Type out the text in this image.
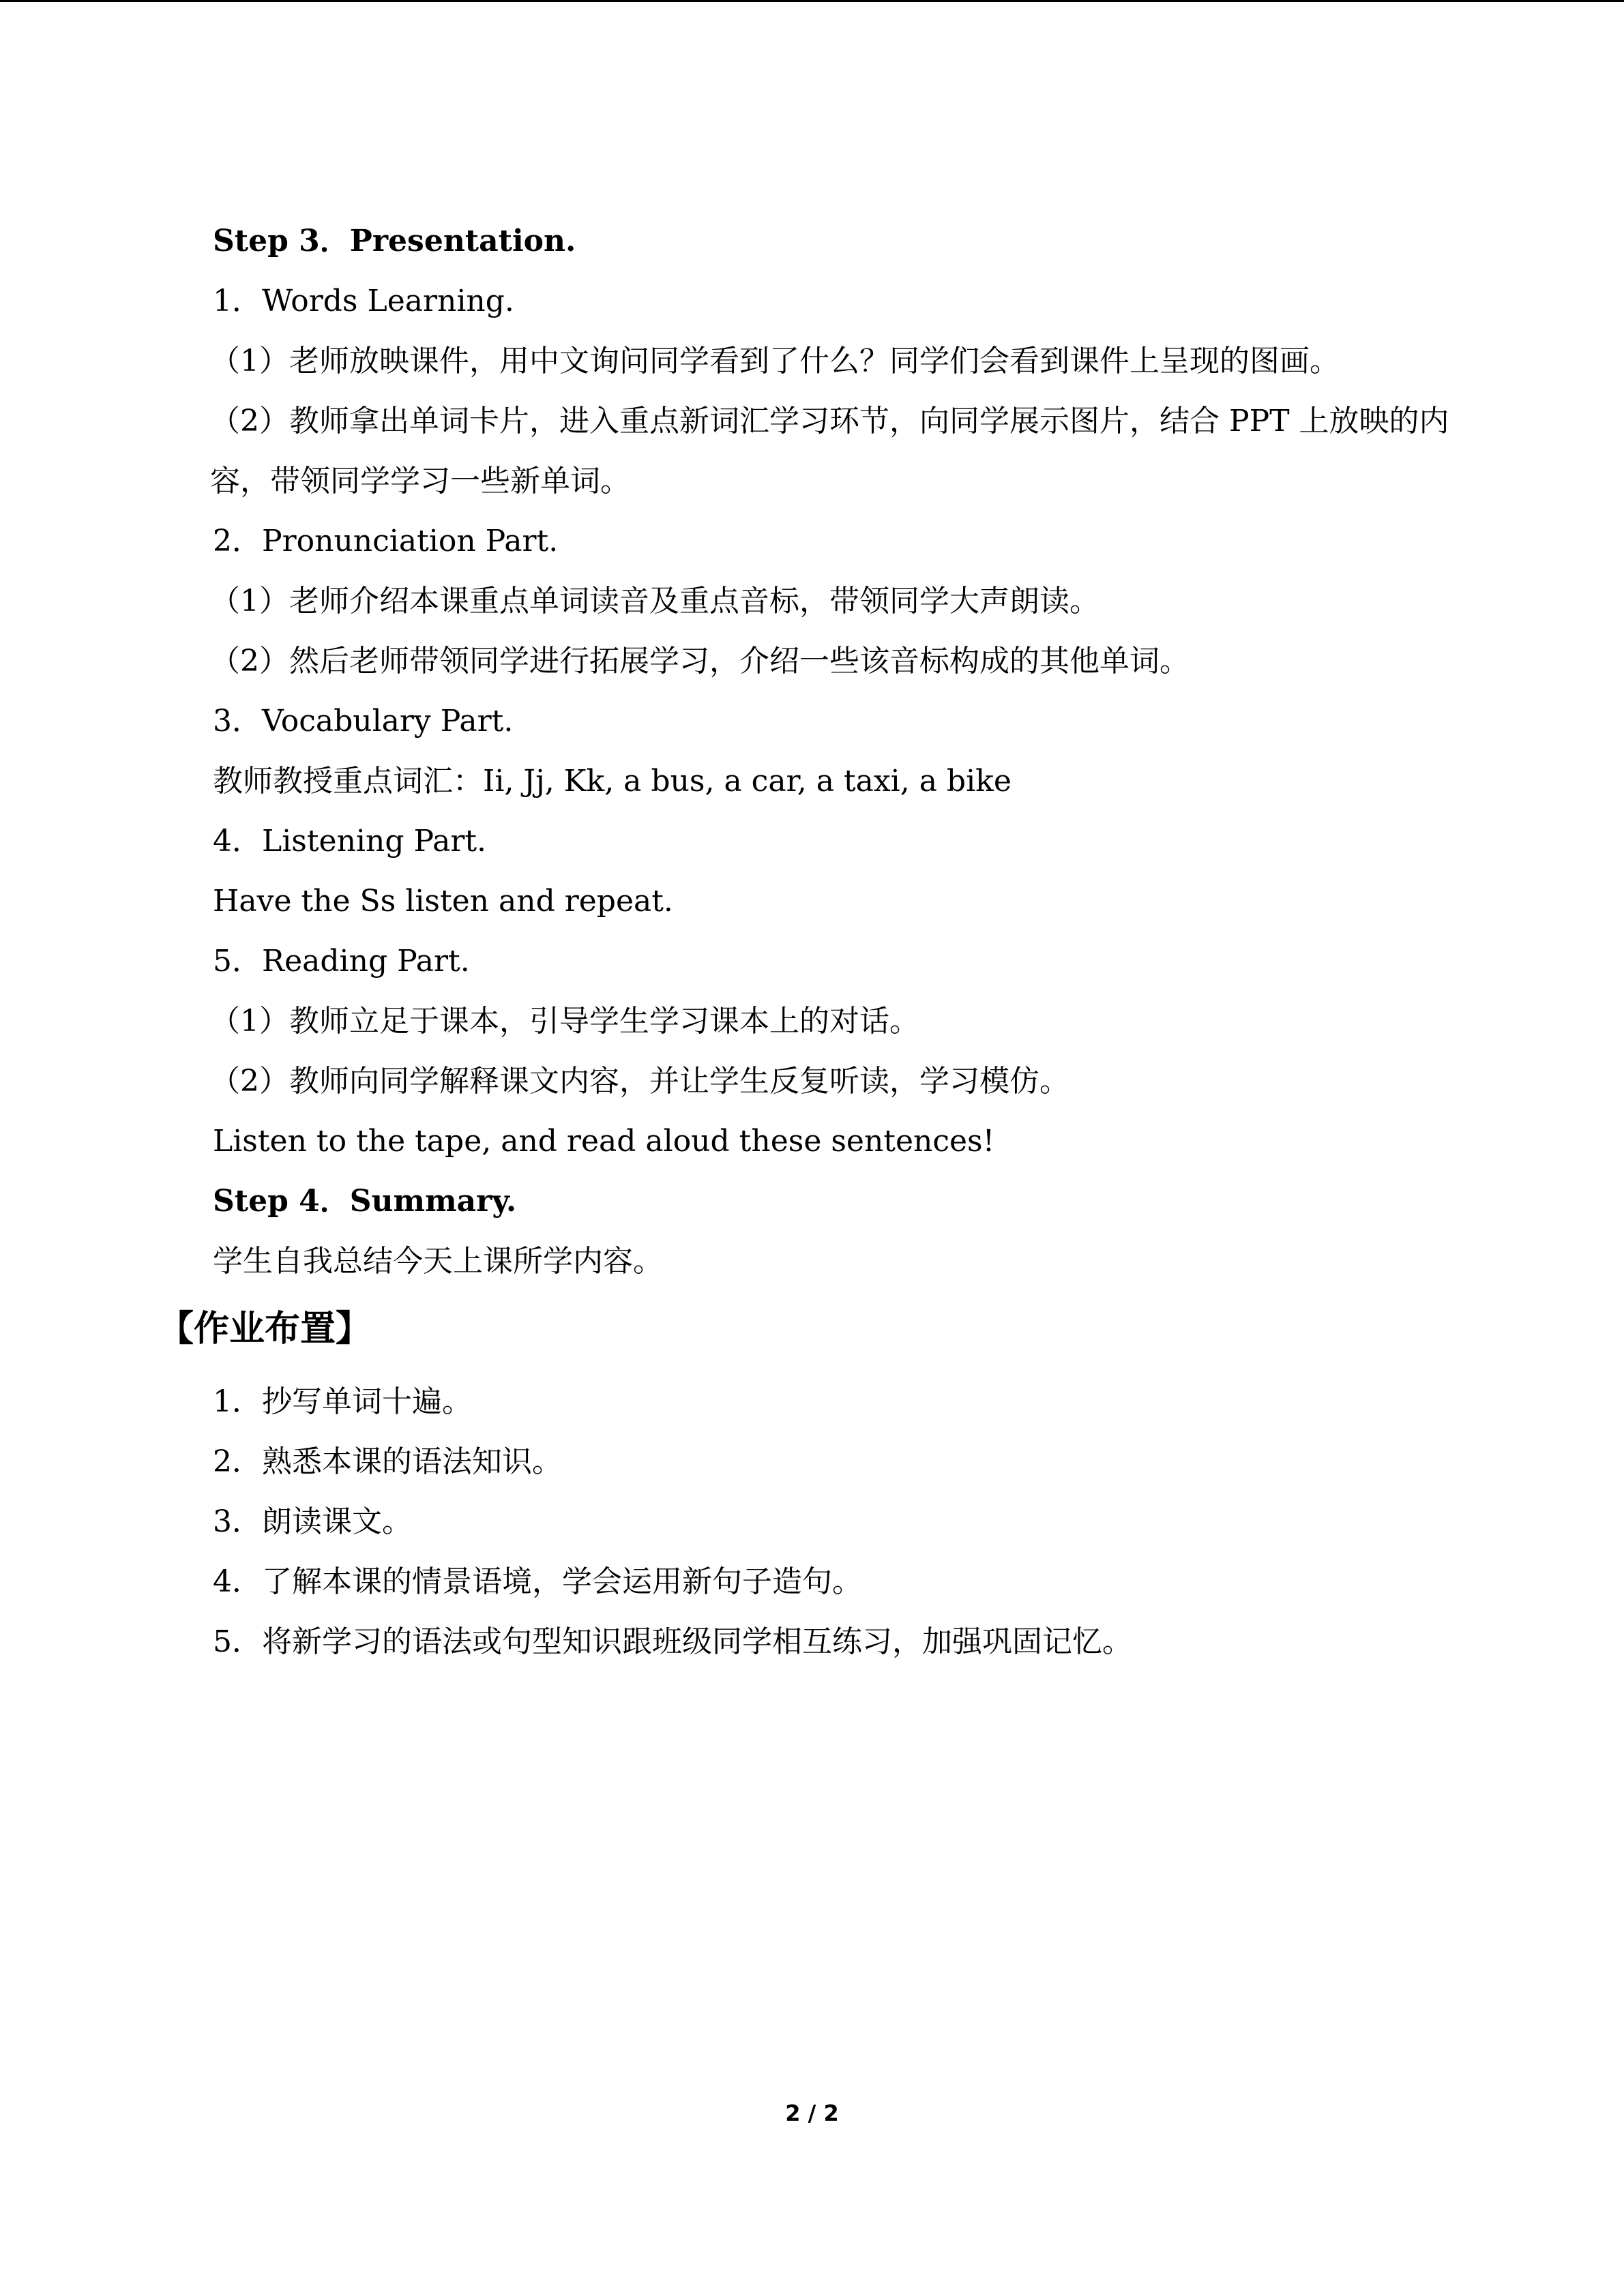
Step 3．Presentation.

1．Words Learning.

（1）老师放映课件，用中文询问同学看到了什么？同学们会看到课件上呈现的图画。

（2）教师拿出单词卡片，进入重点新词汇学习环节，向同学展示图片，结合 PPT 上放映的内容，带领同学学习一些新单词。

2．Pronunciation Part.

（1）老师介绍本课重点单词读音及重点音标，带领同学大声朗读。

（2）然后老师带领同学进行拓展学习，介绍一些该音标构成的其他单词。

3．Vocabulary Part.

教师教授重点词汇：Ii, Jj, Kk, a bus, a car, a taxi, a bike

4．Listening Part.

Have the Ss listen and repeat.

5．Reading Part.

（1）教师立足于课本，引导学生学习课本上的对话。

（2）教师向同学解释课文内容，并让学生反复听读，学习模仿。

Listen to the tape, and read aloud these sentences!

Step 4．Summary.

学生自我总结今天上课所学内容。

【作业布置】

1．抄写单词十遍。

2．熟悉本课的语法知识。

3．朗读课文。

4．了解本课的情景语境，学会运用新句子造句。

5．将新学习的语法或句型知识跟班级同学相互练习，加强巩固记忆。

2 / 2
